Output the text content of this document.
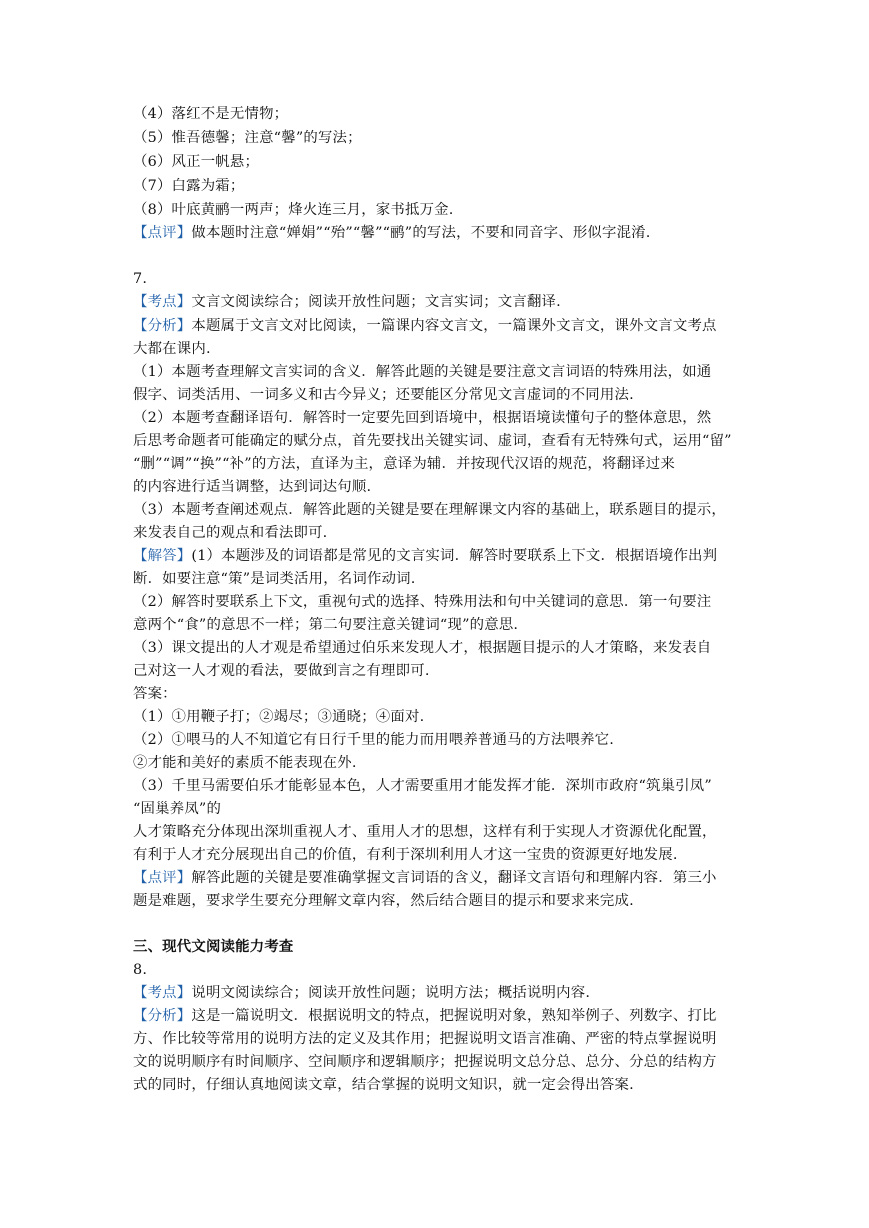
（4）落红不是无情物；
（5）惟吾德馨；注意“馨”的写法；
（6）风正一帆悬；
（7）白露为霜；
（8）叶底黄鹂一两声；烽火连三月，家书抵万金.
【点评】做本题时注意“婵娟”“殆”“馨”“鹂”的写法，不要和同音字、形似字混淆.
7.
【考点】文言文阅读综合；阅读开放性问题；文言实词；文言翻译.
【分析】本题属于文言文对比阅读，一篇课内容文言文，一篇课外文言文，课外文言文考点
大都在课内.
（1）本题考查理解文言实词的含义．解答此题的关键是要注意文言词语的特殊用法，如通
假字、词类活用、一词多义和古今异义；还要能区分常见文言虚词的不同用法.
（2）本题考查翻译语句．解答时一定要先回到语境中，根据语境读懂句子的整体意思，然
后思考命题者可能确定的赋分点，首先要找出关键实词、虚词，查看有无特殊句式，运用“留”
“删”“调”“换”“补”的方法，直译为主，意译为辅．并按现代汉语的规范，将翻译过来
的内容进行适当调整，达到词达句顺.
（3）本题考查阐述观点．解答此题的关键是要在理解课文内容的基础上，联系题目的提示，
来发表自己的观点和看法即可.
【解答】(1）本题涉及的词语都是常见的文言实词．解答时要联系上下文．根据语境作出判
断．如要注意“策”是词类活用，名词作动词.
（2）解答时要联系上下文，重视句式的选择、特殊用法和句中关键词的意思．第一句要注
意两个“食”的意思不一样；第二句要注意关键词“现”的意思.
（3）课文提出的人才观是希望通过伯乐来发现人才，根据题目提示的人才策略，来发表自
己对这一人才观的看法，要做到言之有理即可.
答案：
（1）①用鞭子打；②竭尽；③通晓；④面对.
（2）①喂马的人不知道它有日行千里的能力而用喂养普通马的方法喂养它.
②才能和美好的素质不能表现在外.
（3）千里马需要伯乐才能彰显本色，人才需要重用才能发挥才能．深圳市政府“筑巢引凤”
“固巢养凤”的
人才策略充分体现出深圳重视人才、重用人才的思想，这样有利于实现人才资源优化配置，
有利于人才充分展现出自己的价值，有利于深圳利用人才这一宝贵的资源更好地发展.
【点评】解答此题的关键是要准确掌握文言词语的含义，翻译文言语句和理解内容．第三小
题是难题，要求学生要充分理解文章内容，然后结合题目的提示和要求来完成.
三、现代文阅读能力考查
8.
【考点】说明文阅读综合；阅读开放性问题；说明方法；概括说明内容.
【分析】这是一篇说明文．根据说明文的特点，把握说明对象，熟知举例子、列数字、打比
方、作比较等常用的说明方法的定义及其作用；把握说明文语言准确、严密的特点掌握说明
文的说明顺序有时间顺序、空间顺序和逻辑顺序；把握说明文总分总、总分、分总的结构方
式的同时，仔细认真地阅读文章，结合掌握的说明文知识，就一定会得出答案.
